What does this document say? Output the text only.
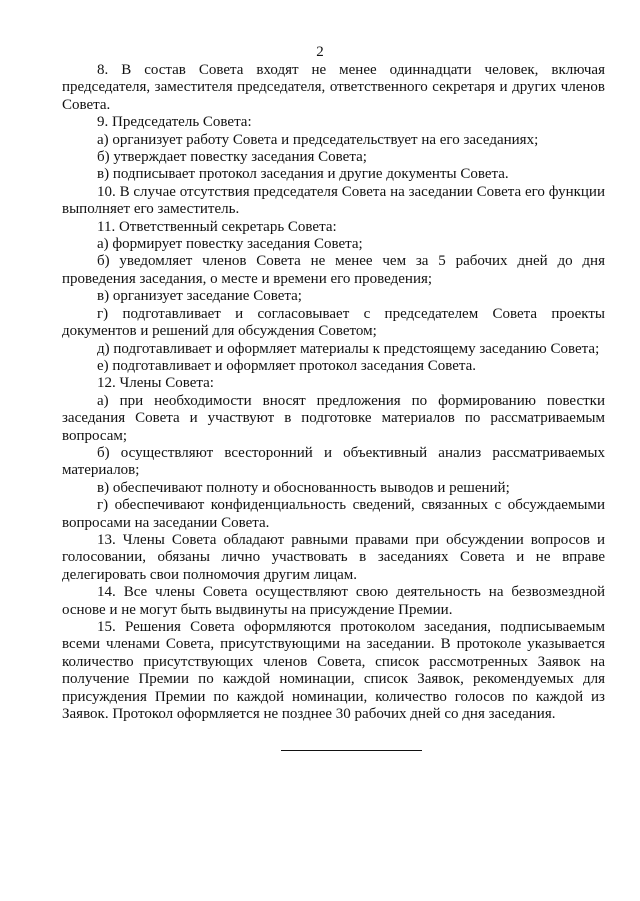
2

8. В состав Совета входят не менее одиннадцати человек, включая председателя, заместителя председателя, ответственного секретаря и других членов Совета.

9. Председатель Совета:

а) организует работу Совета и председательствует на его заседаниях;

б) утверждает повестку заседания Совета;

в) подписывает протокол заседания и другие документы Совета.

10. В случае отсутствия председателя Совета на заседании Совета его функции выполняет его заместитель.

11. Ответственный секретарь Совета:

а) формирует повестку заседания Совета;

б) уведомляет членов Совета не менее чем за 5 рабочих дней до дня проведения заседания, о месте и времени его проведения;

в) организует заседание Совета;

г) подготавливает и согласовывает с председателем Совета проекты документов и решений для обсуждения Советом;

д) подготавливает и оформляет материалы к предстоящему заседанию Совета;

е) подготавливает и оформляет протокол заседания Совета.

12. Члены Совета:

а) при необходимости вносят предложения по формированию повестки заседания Совета и участвуют в подготовке материалов по рассматриваемым вопросам;

б) осуществляют всесторонний и объективный анализ рассматриваемых материалов;

в) обеспечивают полноту и обоснованность выводов и решений;

г) обеспечивают конфиденциальность сведений, связанных с обсуждаемыми вопросами на заседании Совета.

13. Члены Совета обладают равными правами при обсуждении вопросов и голосовании, обязаны лично участвовать в заседаниях Совета и не вправе делегировать свои полномочия другим лицам.

14. Все члены Совета осуществляют свою деятельность на безвозмездной основе и не могут быть выдвинуты на присуждение Премии.

15. Решения Совета оформляются протоколом заседания, подписываемым всеми членами Совета, присутствующими на заседании. В протоколе указывается количество присутствующих членов Совета, список рассмотренных Заявок на получение Премии по каждой номинации, список Заявок, рекомендуемых для присуждения Премии по каждой номинации, количество голосов по каждой из Заявок. Протокол оформляется не позднее 30 рабочих дней со дня заседания.
